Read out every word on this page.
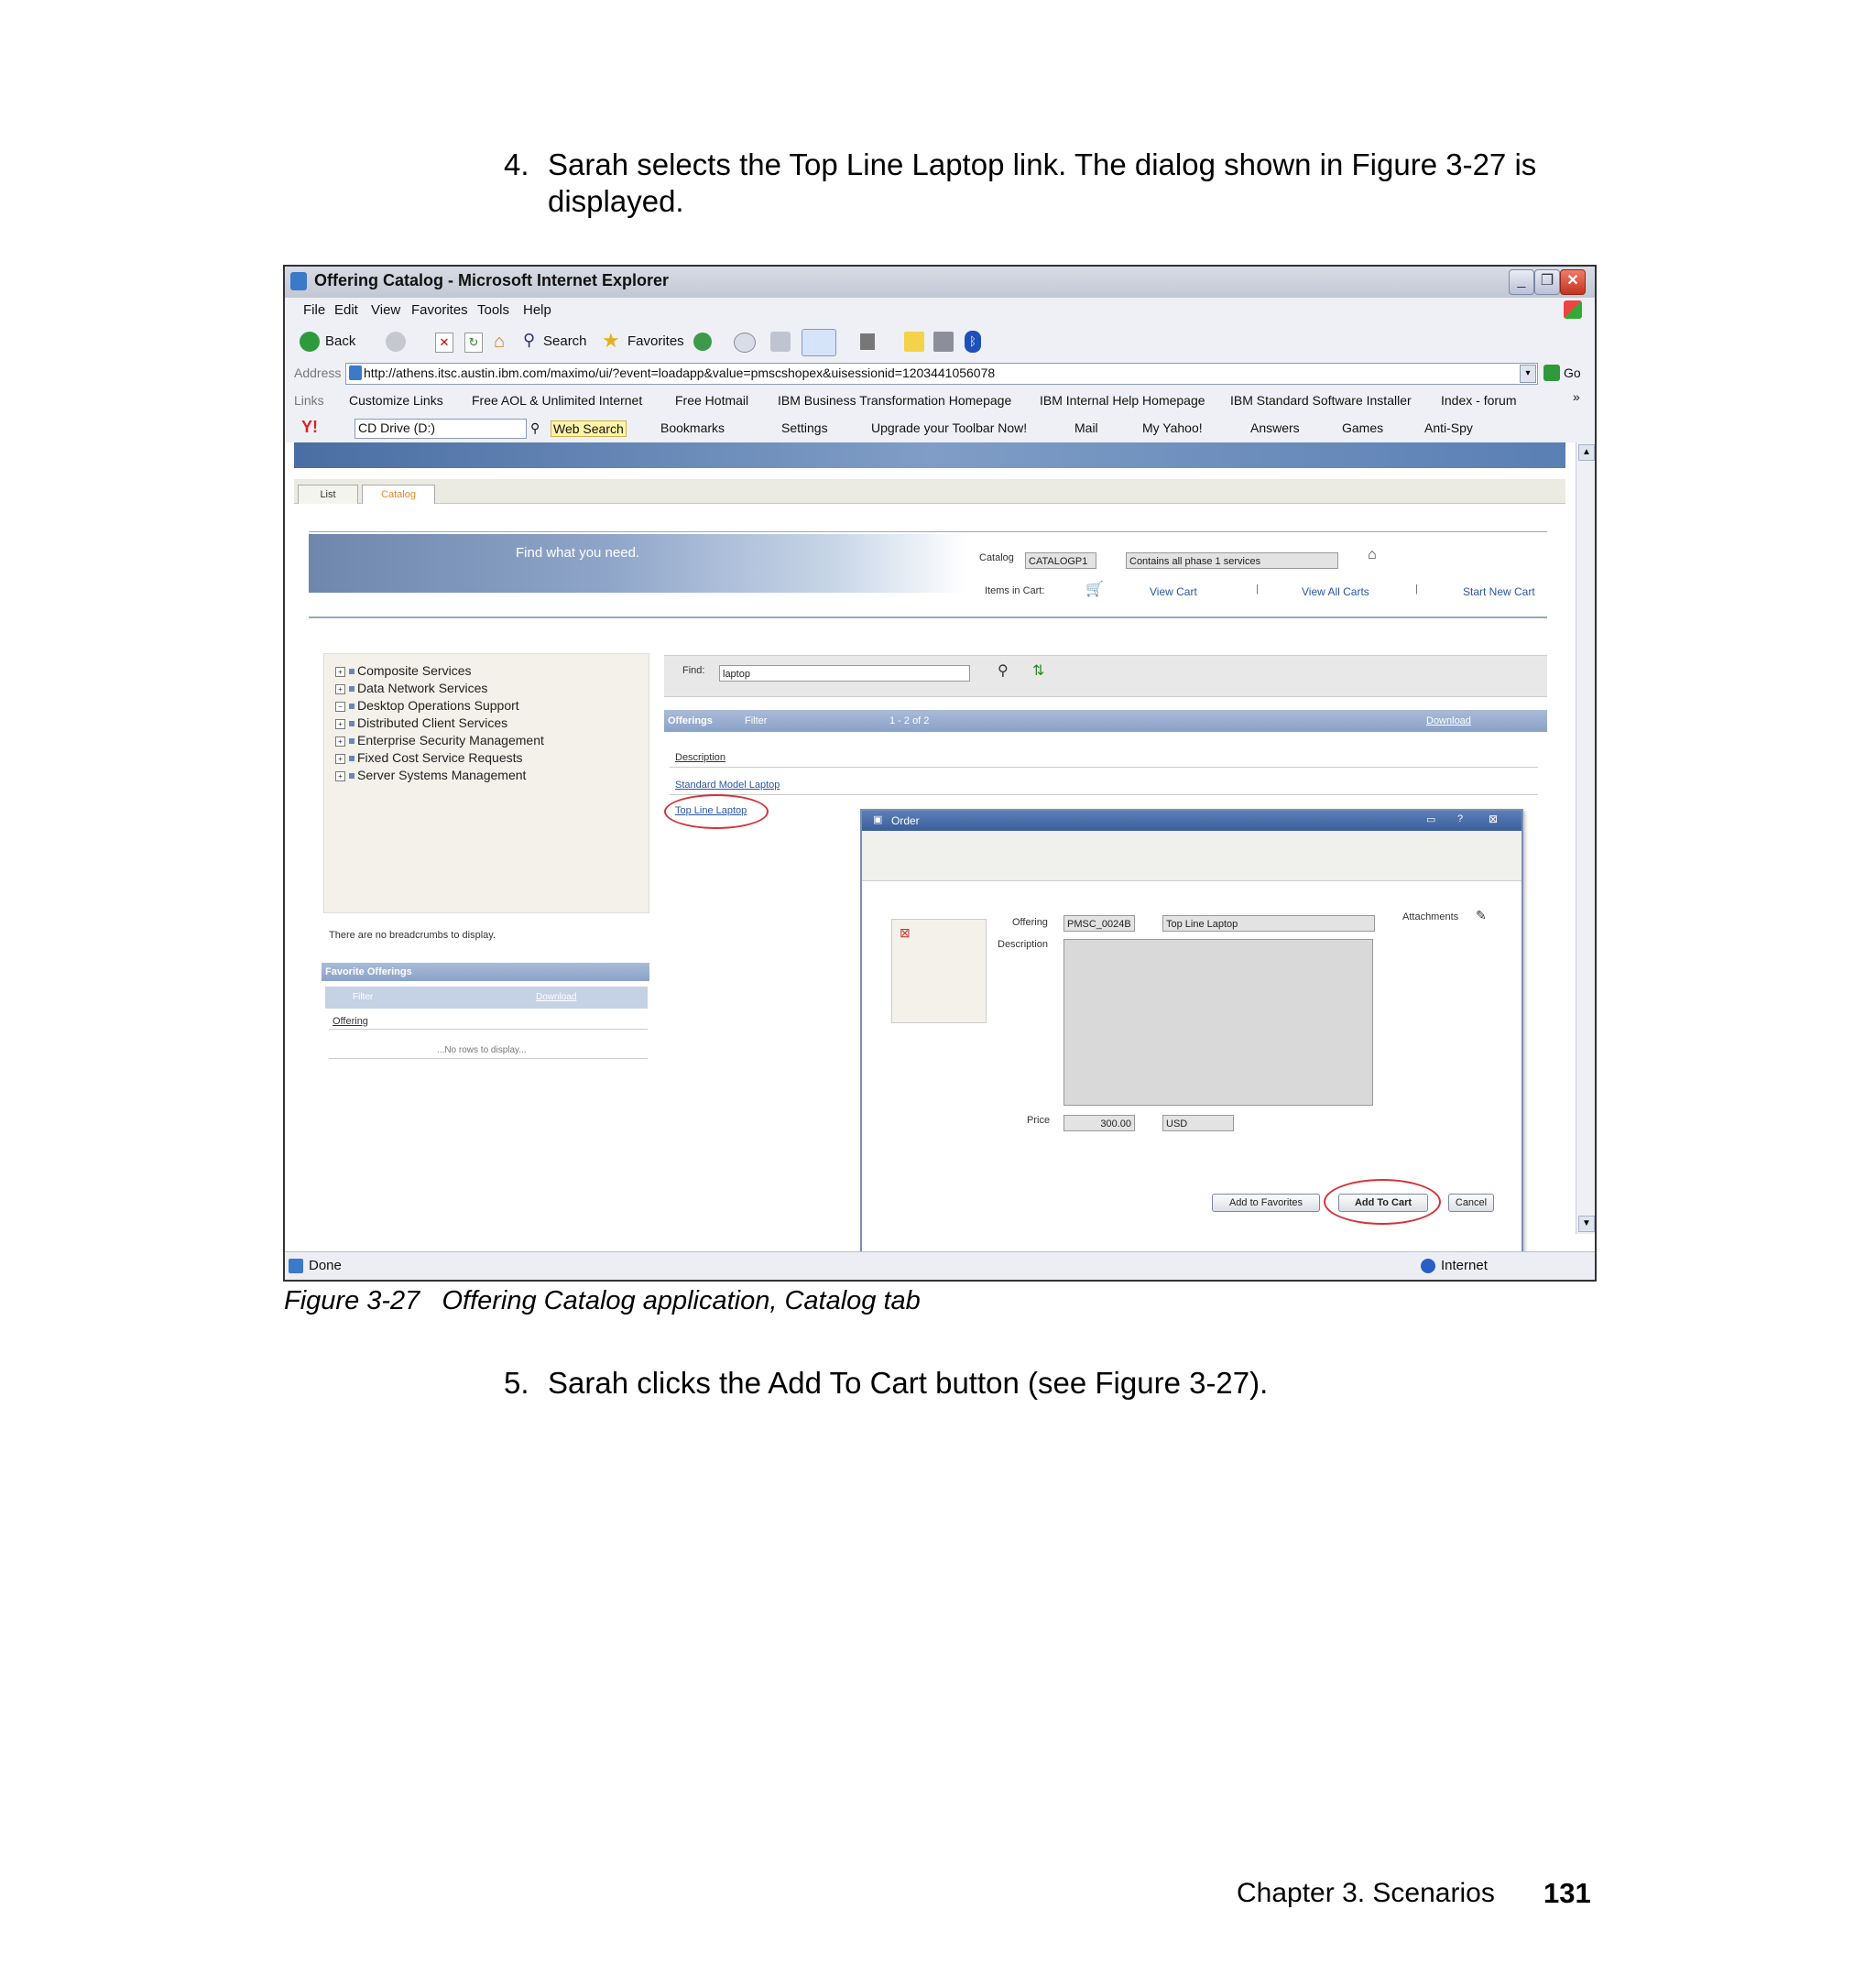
4. Sarah selects the Top Line Laptop link. The dialog shown in Figure 3-27 is displayed.
Offering Catalog - Microsoft Internet Explorer	_	❐ ✕
File Edit View Favorites Tools Help
Back	✕	↻ ⌂	⚲ Search ★ Favorites	ᛒ
Address http://athens.itsc.austin.ibm.com/maximo/ui/?event=loadapp&value=pmscshopex&uisessionid=1203441056078	▾	Go
Links Customize Links Free AOL & Unlimited Internet	Free Hotmail IBM Business Transformation Homepage IBM Internal Help Homepage IBM Standard Software Installer Index - forum	»
Y!	CD Drive (D:)	⚲ Web Search	Bookmarks	Settings	Upgrade your Toolbar Now!	Mail	My Yahoo!	Answers	Games	Anti-Spy
List	Catalog
Find what you need.	Catalog	CATALOGP1	Contains all phase 1 services	⌂
Items in Cart:	🛒	View Cart	|	View All Carts	|	Start New Cart
+ Composite Services
+ Data Network Services
− Desktop Operations Support
+ Distributed Client Services
+ Enterprise Security Management
+ Fixed Cost Service Requests
+ Server Systems Management
There are no breadcrumbs to display.
Favorite Offerings
Filter	Download
Offering
...No rows to display...
Find:	laptop	⚲ ⇅
Offerings	Filter	1 - 2 of 2	Download
Description
Standard Model Laptop
Top Line Laptop
▣ Order	▭ ? ⊠
⊠
Offering	PMSC_0024B	Top Line Laptop
Attachments ✎
Description
Price	300.00	USD
Add to Favorites	Add To Cart	Cancel
▲
▼
Done	Internet
Figure 3-27   Offering Catalog application, Catalog tab
5. Sarah clicks the Add To Cart button (see Figure 3-27).
Chapter 3. Scenarios 131
